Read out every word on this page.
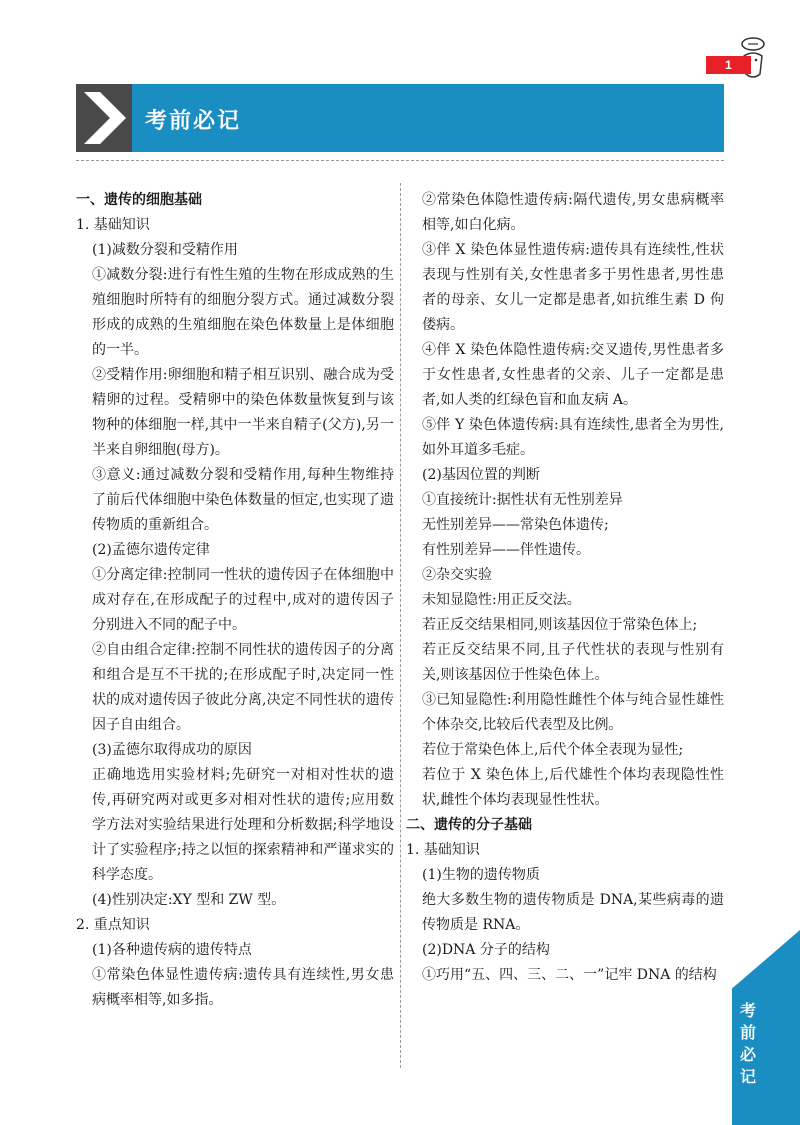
1
考前必记

一、遗传的细胞基础

1. 基础知识

(1)减数分裂和受精作用

①减数分裂:进行有性生殖的生物在形成成熟的生殖细胞时所特有的细胞分裂方式。通过减数分裂形成的成熟的生殖细胞在染色体数量上是体细胞的一半。

②受精作用:卵细胞和精子相互识别、融合成为受精卵的过程。受精卵中的染色体数量恢复到与该物种的体细胞一样,其中一半来自精子(父方),另一半来自卵细胞(母方)。

③意义:通过减数分裂和受精作用,每种生物维持了前后代体细胞中染色体数量的恒定,也实现了遗传物质的重新组合。

(2)孟德尔遗传定律

①分离定律:控制同一性状的遗传因子在体细胞中成对存在,在形成配子的过程中,成对的遗传因子分别进入不同的配子中。

②自由组合定律:控制不同性状的遗传因子的分离和组合是互不干扰的;在形成配子时,决定同一性状的成对遗传因子彼此分离,决定不同性状的遗传因子自由组合。

(3)孟德尔取得成功的原因

正确地选用实验材料;先研究一对相对性状的遗传,再研究两对或更多对相对性状的遗传;应用数学方法对实验结果进行处理和分析数据;科学地设计了实验程序;持之以恒的探索精神和严谨求实的科学态度。

(4)性别决定:XY 型和 ZW 型。

2. 重点知识

(1)各种遗传病的遗传特点

①常染色体显性遗传病:遗传具有连续性,男女患病概率相等,如多指。

②常染色体隐性遗传病:隔代遗传,男女患病概率相等,如白化病。

③伴 X 染色体显性遗传病:遗传具有连续性,性状表现与性别有关,女性患者多于男性患者,男性患者的母亲、女儿一定都是患者,如抗维生素 D 佝偻病。

④伴 X 染色体隐性遗传病:交叉遗传,男性患者多于女性患者,女性患者的父亲、儿子一定都是患者,如人类的红绿色盲和血友病 A。

⑤伴 Y 染色体遗传病:具有连续性,患者全为男性,如外耳道多毛症。

(2)基因位置的判断

①直接统计:据性状有无性别差异

无性别差异——常染色体遗传;

有性别差异——伴性遗传。

②杂交实验

未知显隐性:用正反交法。

若正反交结果相同,则该基因位于常染色体上;

若正反交结果不同,且子代性状的表现与性别有关,则该基因位于性染色体上。

③已知显隐性:利用隐性雌性个体与纯合显性雄性个体杂交,比较后代表型及比例。

若位于常染色体上,后代个体全表现为显性;

若位于 X 染色体上,后代雄性个体均表现隐性性状,雌性个体均表现显性性状。

二、遗传的分子基础

1. 基础知识

(1)生物的遗传物质

绝大多数生物的遗传物质是 DNA,某些病毒的遗传物质是 RNA。

(2)DNA 分子的结构

①巧用“五、四、三、二、一”记牢 DNA 的结构

考前必记
